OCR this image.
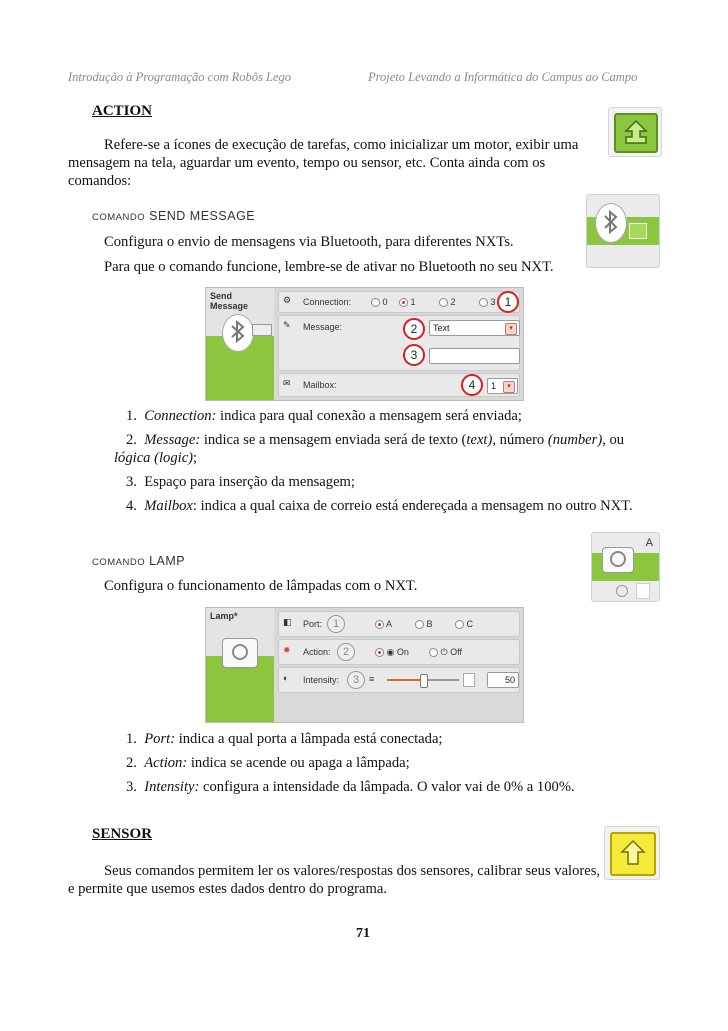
Introdução à Programação com Robôs Lego	Projeto Levando a Informática do Campus ao Campo
ACTION
Refere-se a ícones de execução de tarefas, como inicializar um motor, exibir uma
mensagem na tela, aguardar um evento, tempo ou sensor, etc. Conta ainda com os
comandos:
COMANDO SEND MESSAGE
Configura o envio de mensagens via Bluetooth, para diferentes NXTs.
Para que o comando funcione, lembre-se de ativar no Bluetooth no seu NXT.
Send
Message
⚙ Connection:	0	1	2	3 1
✎ Message:	2	Text	▾
3
✉ Mailbox:	4	1	▾
1. Connection: indica para qual conexão a mensagem será enviada;
2. Message: indica se a mensagem enviada será de texto (text), número (number), ou
lógica (logic);
3. Espaço para inserção da mensagem;
4. Mailbox: indica a qual caixa de correio está endereçada a mensagem no outro NXT.
COMANDO LAMP
A
Configura o funcionamento de lâmpadas com o NXT.
Lamp*
◧ Port: 1	A	B	C
✸ Action:	2	◉ On	⏻ Off
◐ Intensity:	3	≡	50
1. Port: indica a qual porta a lâmpada está conectada;
2. Action: indica se acende ou apaga a lâmpada;
3. Intensity: configura a intensidade da lâmpada. O valor vai de 0% a 100%.
SENSOR
Seus comandos permitem ler os valores/respostas dos sensores, calibrar seus valores,
e permite que usemos estes dados dentro do programa.
71
